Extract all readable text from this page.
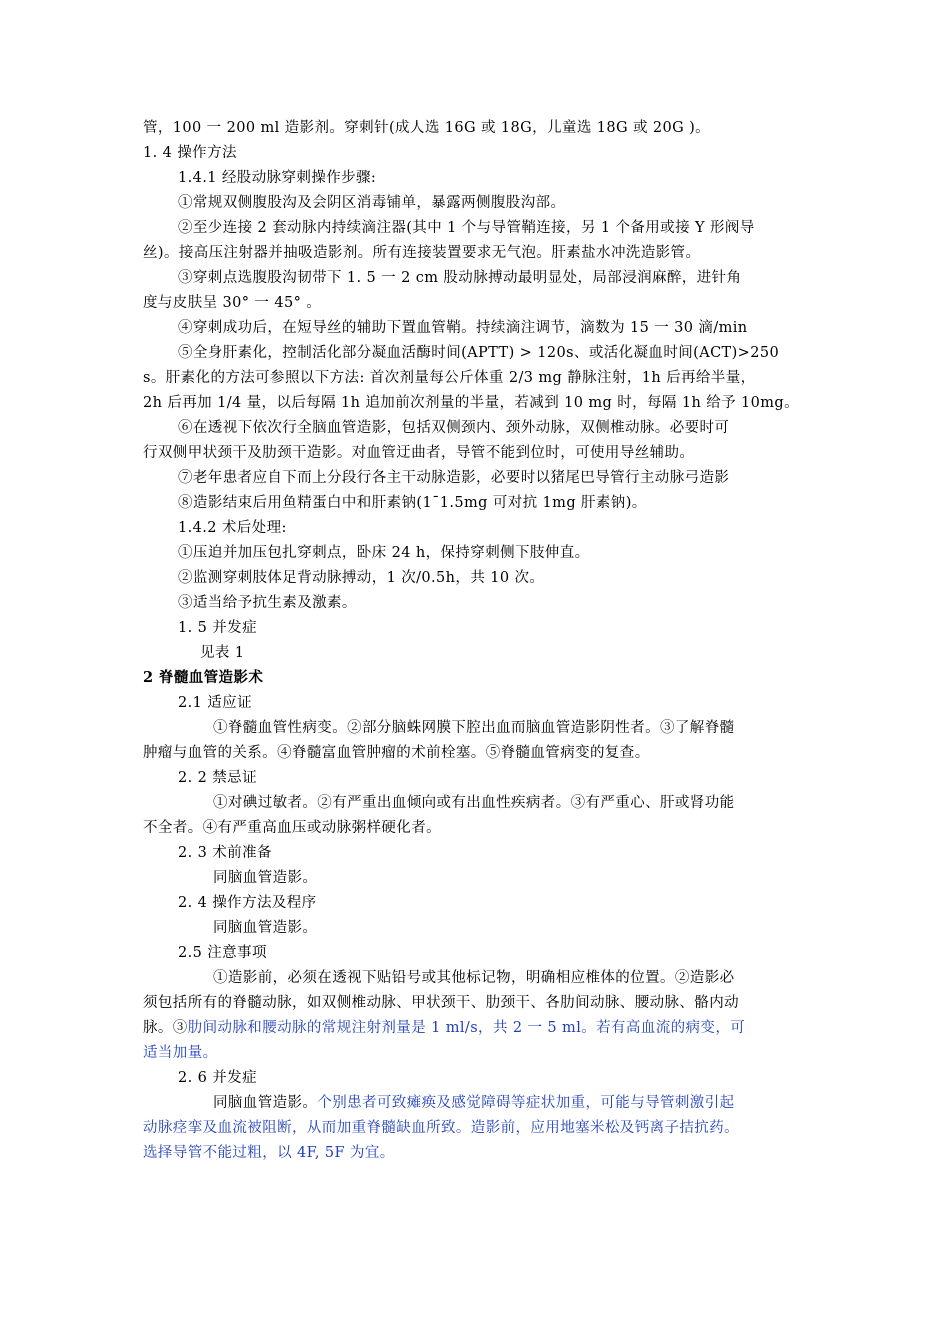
管，100 一 200 ml 造影剂。穿刺针(成人选 16G 或 18G，儿童选 18G 或 20G )。
1. 4 操作方法
1.4.1 经股动脉穿刺操作步骤:
①常规双侧腹股沟及会阴区消毒铺单，暴露两侧腹股沟部。
②至少连接 2 套动脉内持续滴注器(其中 1 个与导管鞘连接，另 1 个备用或接 Y 形阀导
丝)。接高压注射器并抽吸造影剂。所有连接装置要求无气泡。肝素盐水冲洗造影管。
③穿刺点选腹股沟韧带下 1. 5 一 2 cm 股动脉搏动最明显处，局部浸润麻醉，进针角
度与皮肤呈 30° 一 45° 。
④穿刺成功后，在短导丝的辅助下置血管鞘。持续滴注调节，滴数为 15 一 30 滴/min
⑤全身肝素化，控制活化部分凝血活酶时间(APTT) > 120s、或活化凝血时间(ACT)>250
s。肝素化的方法可参照以下方法: 首次剂量每公斤体重 2/3 mg 静脉注射，1h 后再给半量，
2h 后再加 1/4 量，以后每隔 1h 追加前次剂量的半量，若减到 10 mg 时，每隔 1h 给予 10mg。
⑥在透视下依次行全脑血管造影，包括双侧颈内、颈外动脉，双侧椎动脉。必要时可
行双侧甲状颈干及肋颈干造影。对血管迂曲者，导管不能到位时，可使用导丝辅助。
⑦老年患者应自下而上分段行各主干动脉造影，必要时以猪尾巴导管行主动脉弓造影
⑧造影结束后用鱼精蛋白中和肝素钠(1¯1.5mg 可对抗 1mg 肝素钠)。
1.4.2 术后处理:
①压迫并加压包扎穿刺点，卧床 24 h，保持穿刺侧下肢伸直。
②监测穿刺肢体足背动脉搏动，1 次/0.5h，共 10 次。
③适当给予抗生素及激素。
1. 5 并发症
见表 1
2 脊髓血管造影术
2.1 适应证
①脊髓血管性病变。②部分脑蛛网膜下腔出血而脑血管造影阴性者。③了解脊髓
肿瘤与血管的关系。④脊髓富血管肿瘤的术前栓塞。⑤脊髓血管病变的复查。
2. 2 禁忌证
①对碘过敏者。②有严重出血倾向或有出血性疾病者。③有严重心、肝或肾功能
不全者。④有严重高血压或动脉粥样硬化者。
2. 3 术前准备
同脑血管造影。
2. 4 操作方法及程序
同脑血管造影。
2.5 注意事项
①造影前，必须在透视下贴铅号或其他标记物，明确相应椎体的位置。②造影必
须包括所有的脊髓动脉，如双侧椎动脉、甲状颈干、肋颈干、各肋间动脉、腰动脉、骼内动
脉。③肋间动脉和腰动脉的常规注射剂量是 1 ml/s，共 2 一 5 ml。若有高血流的病变，可
适当加量。
2. 6 并发症
同脑血管造影。个别患者可致瘫痪及感觉障碍等症状加重，可能与导管刺激引起
动脉痉挛及血流被阻断，从而加重脊髓缺血所致。造影前，应用地塞米松及钙离子拮抗药。
选择导管不能过粗，以 4F, 5F 为宜。
